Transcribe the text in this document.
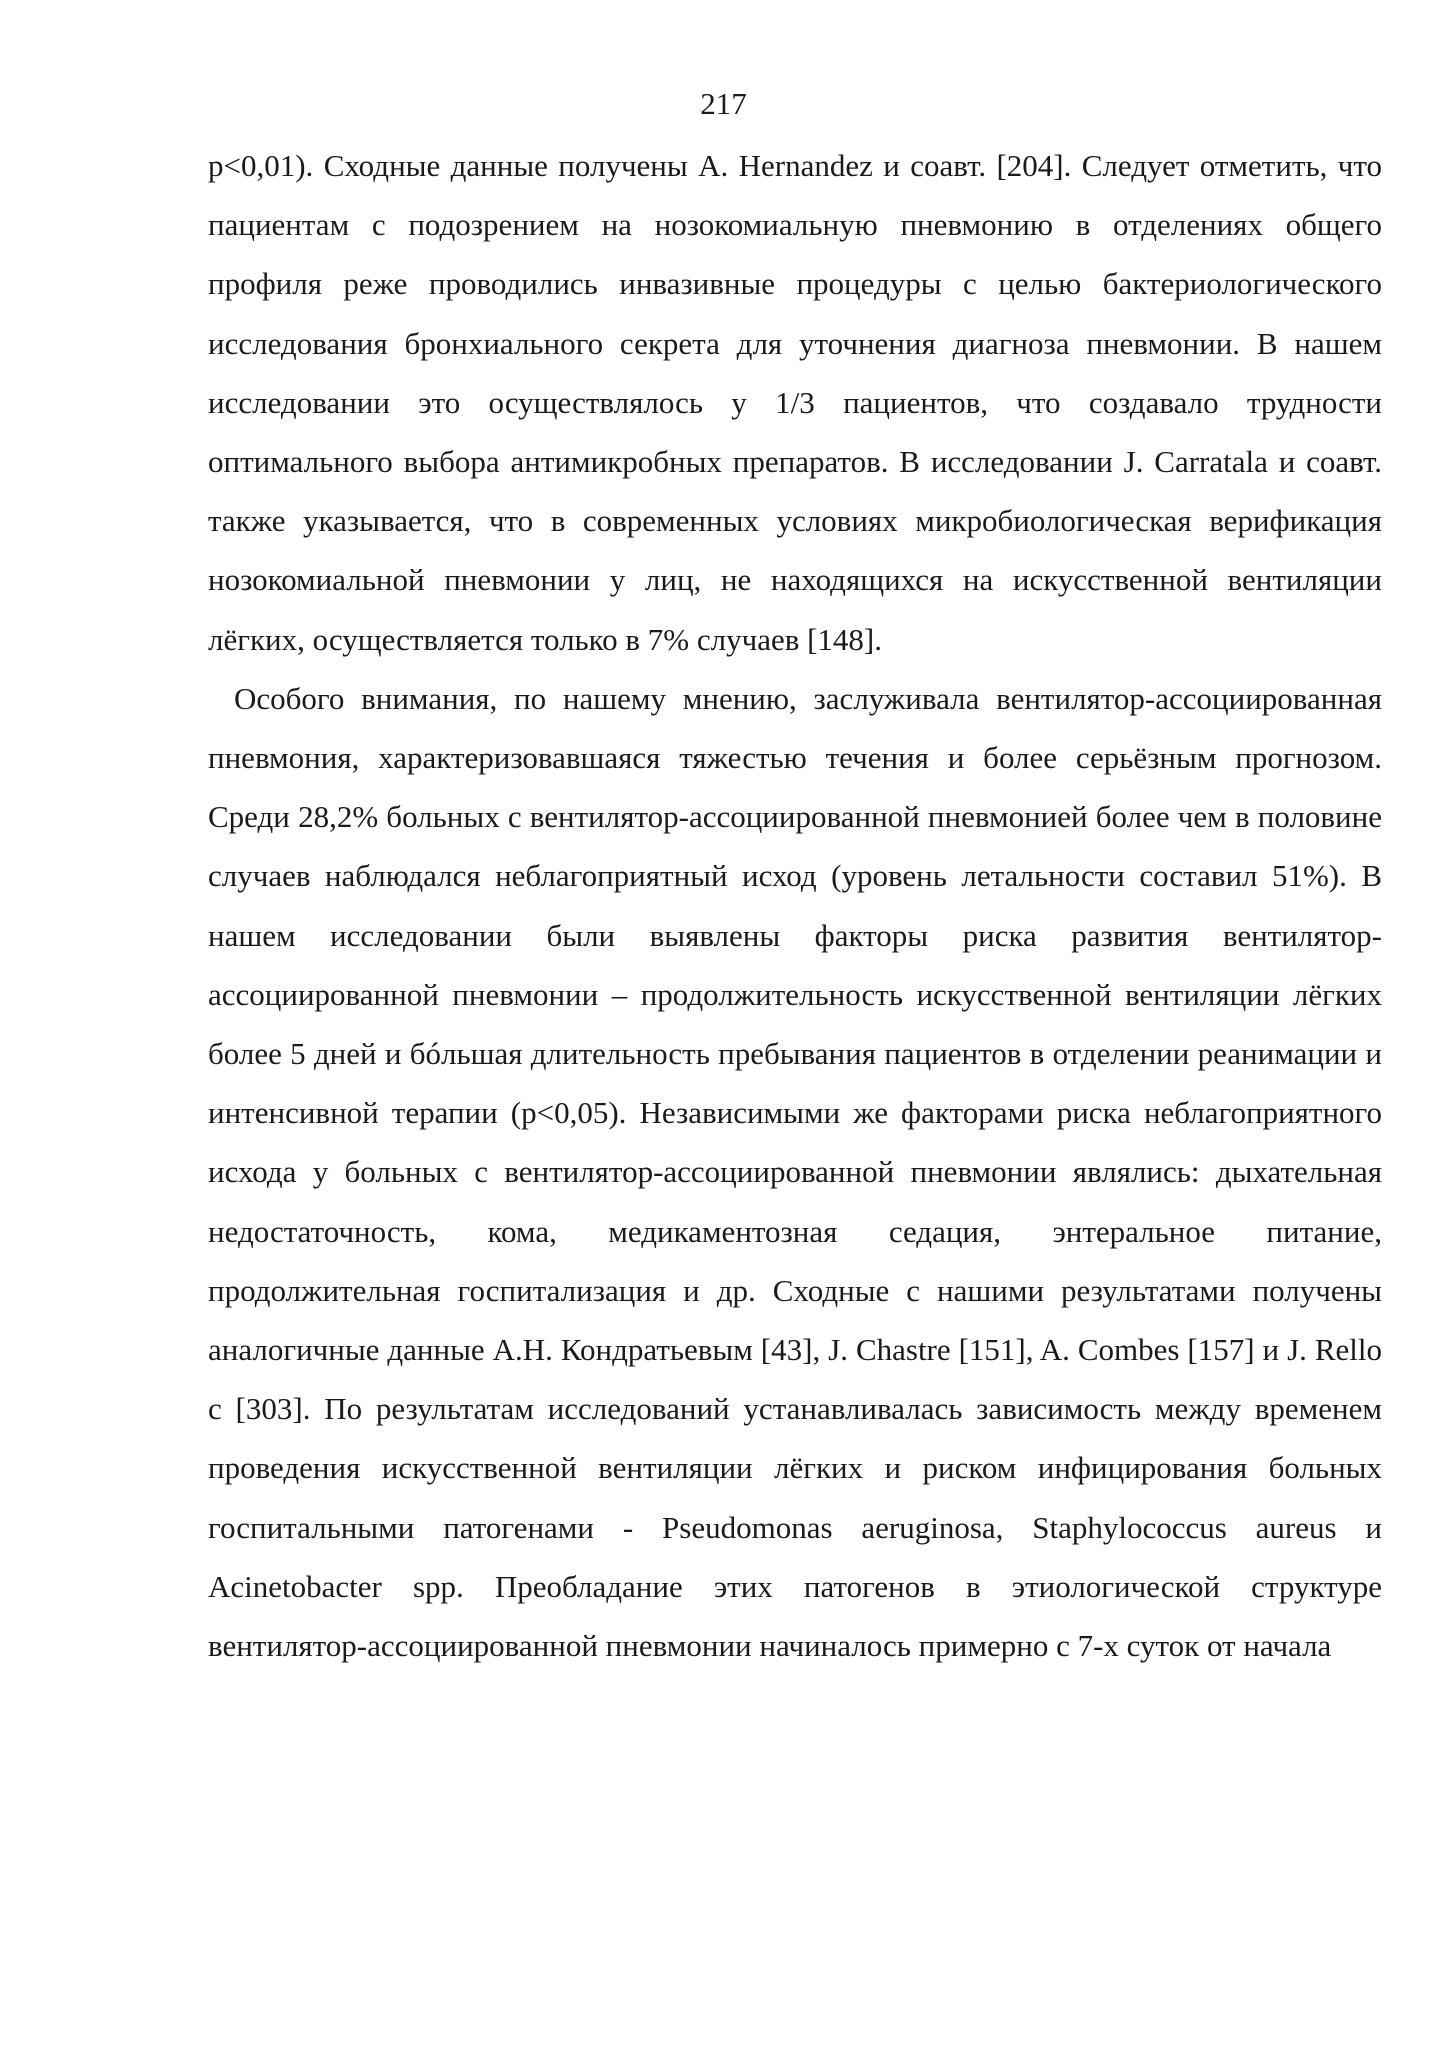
217

p<0,01). Сходные данные получены A. Hernandez и соавт. [204]. Следует отметить, что пациентам с подозрением на нозокомиальную пневмонию в отделениях общего профиля реже проводились инвазивные процедуры с целью бактериологического исследования бронхиального секрета для уточнения диагноза пневмонии. В нашем исследовании это осуществлялось у 1/3 пациентов, что создавало трудности оптимального выбора антимикробных препаратов. В исследовании J. Carratala и соавт. также указывается, что в современных условиях микробиологическая верификация нозокомиальной пневмонии у лиц, не находящихся на искусственной вентиляции лёгких, осуществляется только в 7% случаев [148].

Особого внимания, по нашему мнению, заслуживала вентилятор-ассоциированная пневмония, характеризовавшаяся тяжестью течения и более серьёзным прогнозом. Среди 28,2% больных с вентилятор-ассоциированной пневмонией более чем в половине случаев наблюдался неблагоприятный исход (уровень летальности составил 51%). В нашем исследовании были выявлены факторы риска развития вентилятор-ассоциированной пневмонии – продолжительность искусственной вентиляции лёгких более 5 дней и бóльшая длительность пребывания пациентов в отделении реанимации и интенсивной терапии (p<0,05). Независимыми же факторами риска неблагоприятного исхода у больных с вентилятор-ассоциированной пневмонии являлись: дыхательная недостаточность, кома, медикаментозная седация, энтеральное питание, продолжительная госпитализация и др. Сходные с нашими результатами получены аналогичные данные А.Н. Кондратьевым [43], J. Chastre [151], A. Combes [157] и J. Rello с [303]. По результатам исследований устанавливалась зависимость между временем проведения искусственной вентиляции лёгких и риском инфицирования больных госпитальными патогенами - Pseudomonas aeruginosa, Staphylococcus aureus и Acinetobacter spp. Преобладание этих патогенов в этиологической структуре вентилятор-ассоциированной пневмонии начиналось примерно с 7-х суток от начала
